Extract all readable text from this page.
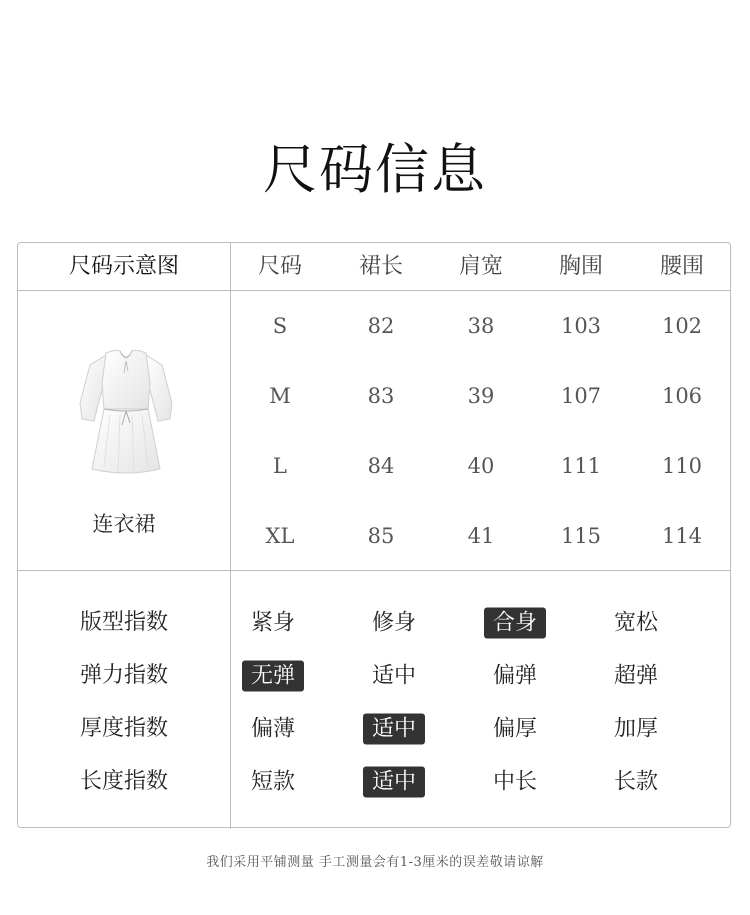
尺码信息
尺码示意图	尺码	裙长	肩宽	胸围	腰围
连衣裙
S	82	38	103	102
M	83	39	107	106
L	84	40	111	110
XL	85	41	115	114
版型指数	紧身	修身	合身	宽松
弹力指数	无弹	适中	偏弹	超弹
厚度指数	偏薄	适中	偏厚	加厚
长度指数	短款	适中	中长	长款
我们采用平铺测量 手工测量会有1-3厘米的误差敬请谅解
